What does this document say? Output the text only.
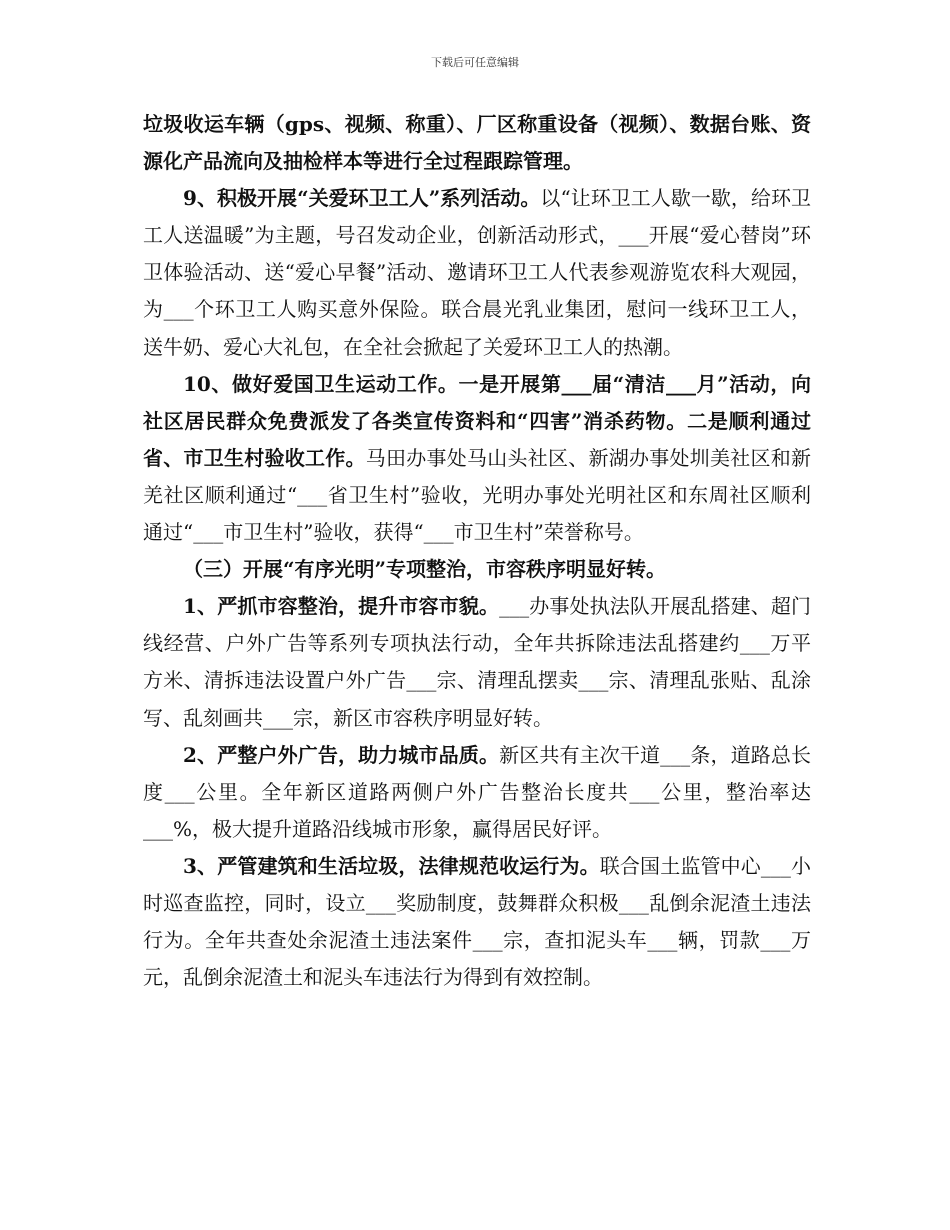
下载后可任意编辑

垃圾收运车辆（gps、视频、称重）、厂区称重设备（视频）、数据台账、资源化产品流向及抽检样本等进行全过程跟踪管理。

9、积极开展“关爱环卫工人”系列活动。以“让环卫工人歇一歇，给环卫工人送温暖”为主题，号召发动企业，创新活动形式，___开展“爱心替岗”环卫体验活动、送“爱心早餐”活动、邀请环卫工人代表参观游览农科大观园，为___个环卫工人购买意外保险。联合晨光乳业集团，慰问一线环卫工人，送牛奶、爱心大礼包，在全社会掀起了关爱环卫工人的热潮。

10、做好爱国卫生运动工作。一是开展第___届“清洁___月”活动，向社区居民群众免费派发了各类宣传资料和“四害”消杀药物。二是顺利通过省、市卫生村验收工作。马田办事处马山头社区、新湖办事处圳美社区和新羌社区顺利通过“___省卫生村”验收，光明办事处光明社区和东周社区顺利通过“___市卫生村”验收，获得“___市卫生村”荣誉称号。

（三）开展“有序光明”专项整治，市容秩序明显好转。

1、严抓市容整治，提升市容市貌。___办事处执法队开展乱搭建、超门线经营、户外广告等系列专项执法行动，全年共拆除违法乱搭建约___万平方米、清拆违法设置户外广告___宗、清理乱摆卖___宗、清理乱张贴、乱涂写、乱刻画共___宗，新区市容秩序明显好转。

2、严整户外广告，助力城市品质。新区共有主次干道___条，道路总长度___公里。全年新区道路两侧户外广告整治长度共___公里，整治率达___%，极大提升道路沿线城市形象，赢得居民好评。

3、严管建筑和生活垃圾，法律规范收运行为。联合国土监管中心___小时巡查监控，同时，设立___奖励制度，鼓舞群众积极___乱倒余泥渣土违法行为。全年共查处余泥渣土违法案件___宗，查扣泥头车___辆，罚款___万元，乱倒余泥渣土和泥头车违法行为得到有效控制。
